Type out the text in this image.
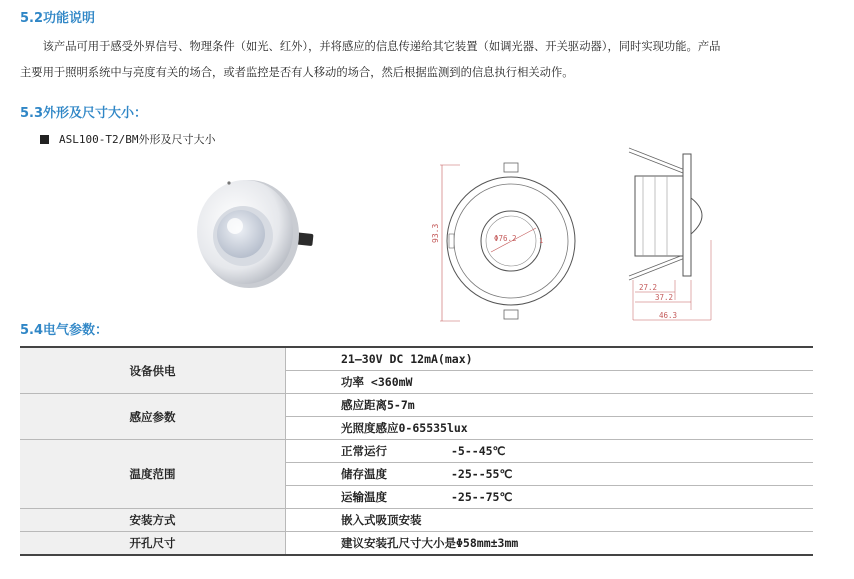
5.2功能说明

　　该产品可用于感受外界信号、物理条件（如光、红外），并将感应的信息传递给其它装置（如调光器、开关驱动器），同时实现功能。产品

主要用于照明系统中与亮度有关的场合，或者监控是否有人移动的场合，然后根据监测到的信息执行相关动作。

5.3外形及尺寸大小：
ASL100-T2/BM外形及尺寸大小
93.3	Φ76.2	1
27.2
37.2
46.3
5.4电气参数：
设备供电	21—30V DC 12mA(max)
	功率 <360mW
感应参数	感应距离5-7m
	光照度感应0-65535lux
温度范围	正常运行 -5--45℃
	储存温度 -25--55℃
	运输温度 -25--75℃
安装方式	嵌入式吸顶安装
开孔尺寸	建议安装孔尺寸大小是Φ58mm±3mm
